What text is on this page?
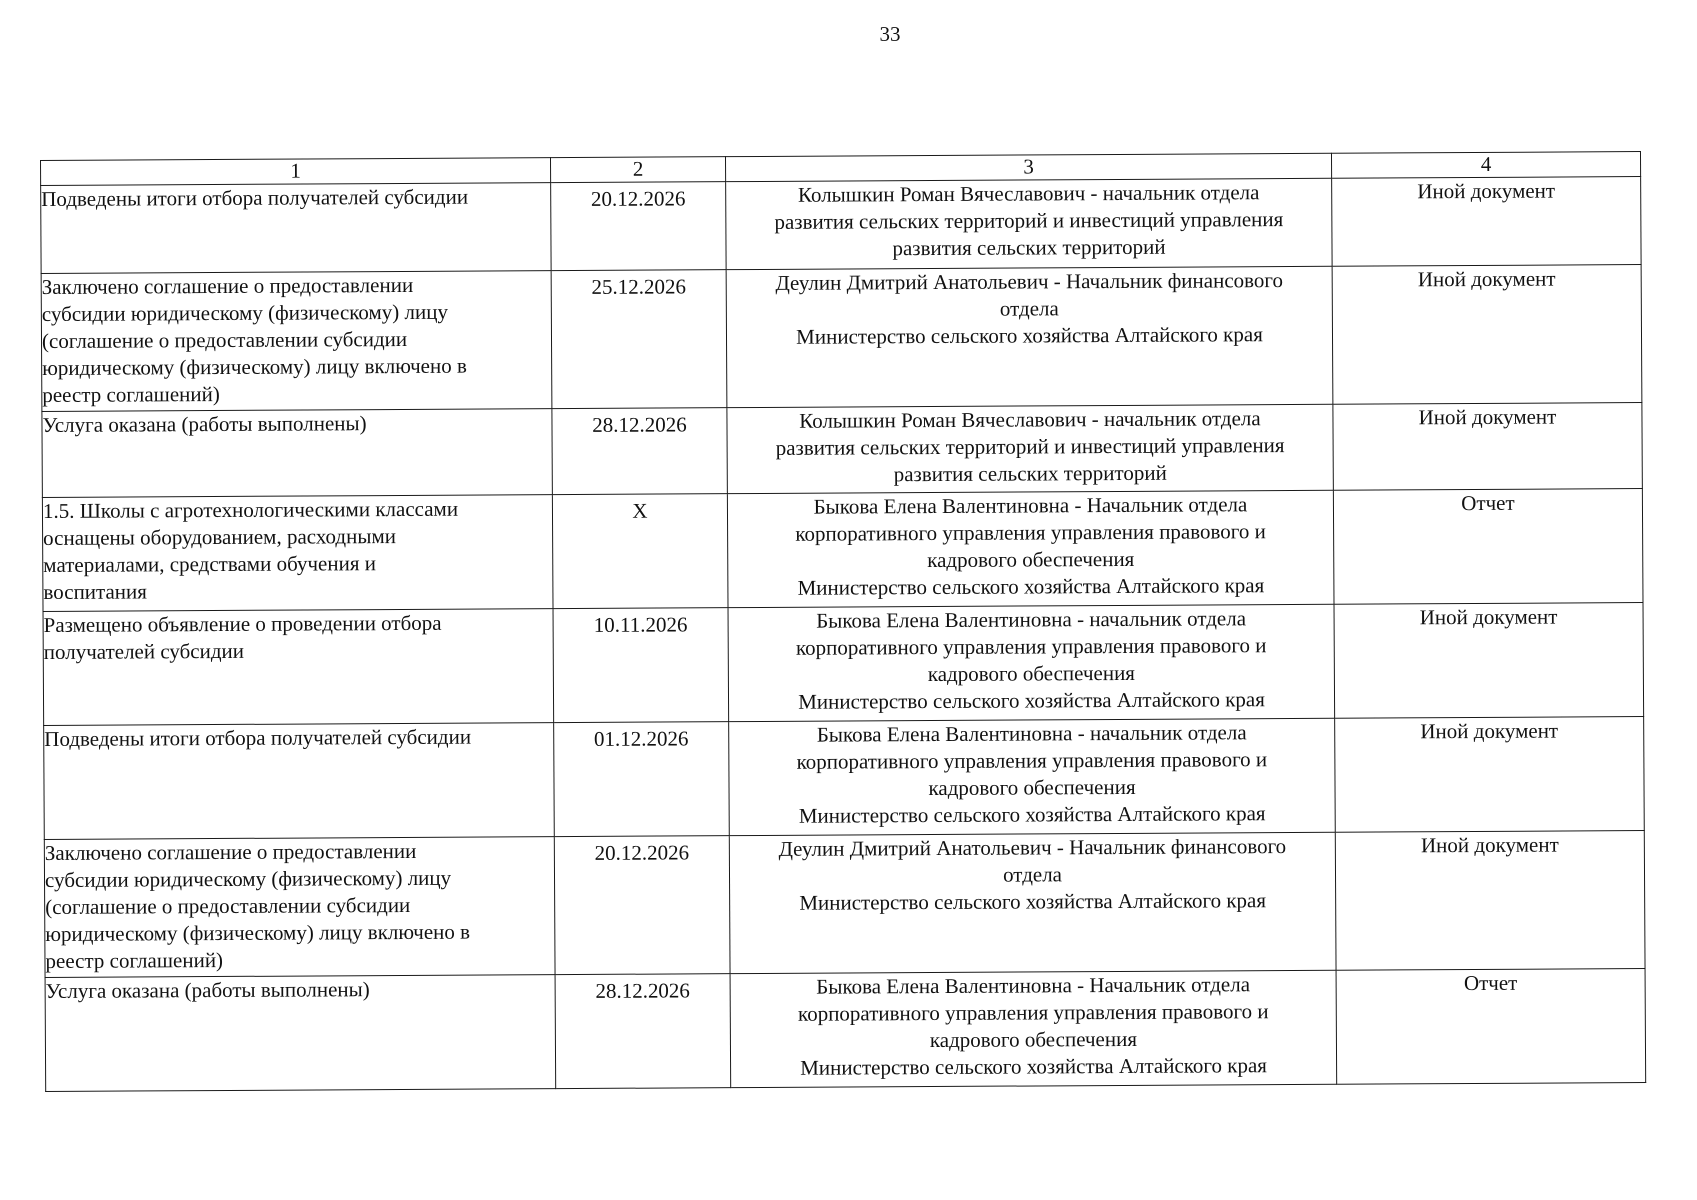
33
1	2	3	4

Подведены итоги отбора получателей субсидии	20.12.2026	Колышкин Роман Вячеславович - начальник отдела
развития сельских территорий и инвестиций управления
развития сельских территорий	Иной документ

Заключено соглашение о предоставлении
субсидии юридическому (физическому) лицу
(соглашение о предоставлении субсидии
юридическому (физическому) лицу включено в
реестр соглашений)	25.12.2026	Деулин Дмитрий Анатольевич - Начальник финансового
отдела
Министерство сельского хозяйства Алтайского края	Иной документ

Услуга оказана (работы выполнены)	28.12.2026	Колышкин Роман Вячеславович - начальник отдела
развития сельских территорий и инвестиций управления
развития сельских территорий	Иной документ

1.5. Школы с агротехнологическими классами
оснащены оборудованием, расходными
материалами, средствами обучения и
воспитания	X	Быкова Елена Валентиновна - Начальник отдела
корпоративного управления управления правового и
кадрового обеспечения
Министерство сельского хозяйства Алтайского края	Отчет

Размещено объявление о проведении отбора
получателей субсидии	10.11.2026	Быкова Елена Валентиновна - начальник отдела
корпоративного управления управления правового и
кадрового обеспечения
Министерство сельского хозяйства Алтайского края	Иной документ

Подведены итоги отбора получателей субсидии	01.12.2026	Быкова Елена Валентиновна - начальник отдела
корпоративного управления управления правового и
кадрового обеспечения
Министерство сельского хозяйства Алтайского края	Иной документ

Заключено соглашение о предоставлении
субсидии юридическому (физическому) лицу
(соглашение о предоставлении субсидии
юридическому (физическому) лицу включено в
реестр соглашений)	20.12.2026	Деулин Дмитрий Анатольевич - Начальник финансового
отдела
Министерство сельского хозяйства Алтайского края	Иной документ

Услуга оказана (работы выполнены)	28.12.2026	Быкова Елена Валентиновна - Начальник отдела
корпоративного управления управления правового и
кадрового обеспечения
Министерство сельского хозяйства Алтайского края	Отчет
